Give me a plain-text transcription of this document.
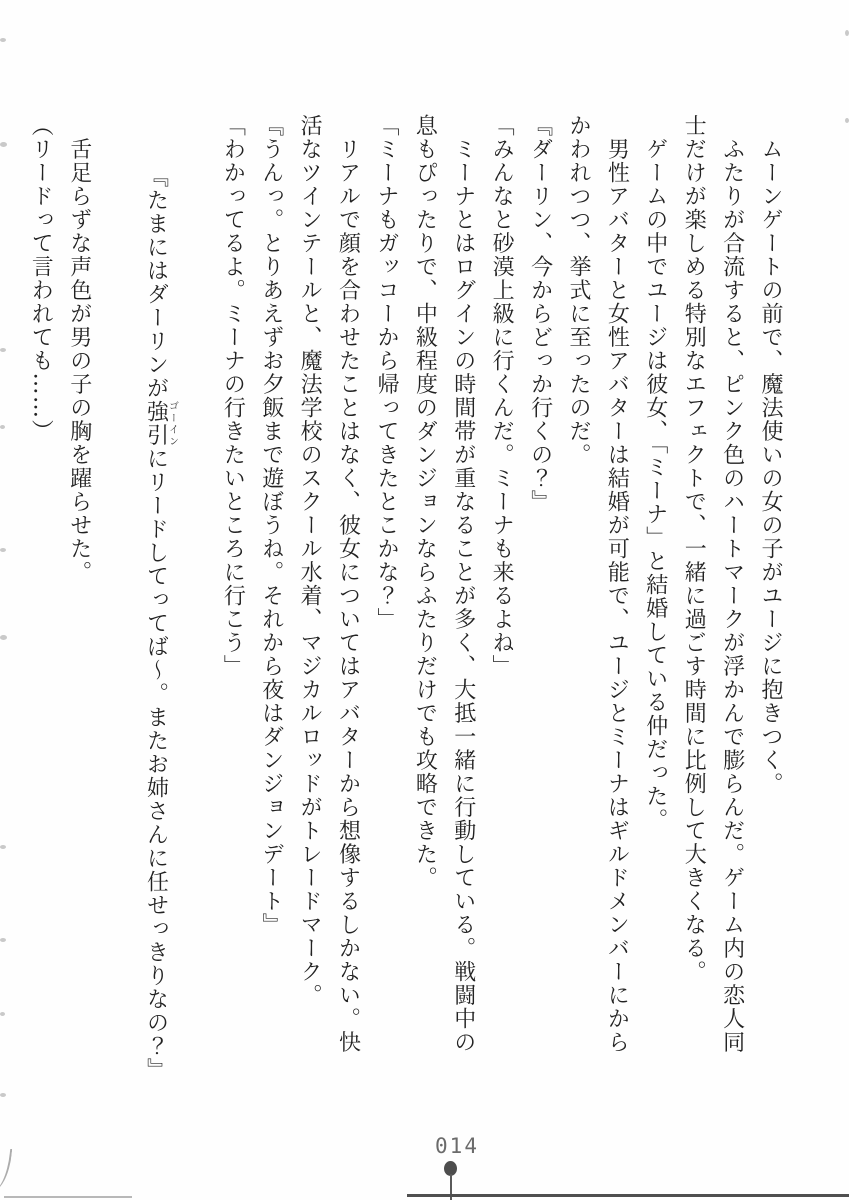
　ムーンゲートの前で、魔法使いの女の子がユージに抱きつく。
　ふたりが合流すると、ピンク色のハートマークが浮かんで膨らんだ。ゲーム内の恋人同
士だけが楽しめる特別なエフェクトで、一緒に過ごす時間に比例して大きくなる。
　ゲームの中でユージは彼女、「ミーナ」と結婚している仲だった。
　男性アバターと女性アバターは結婚が可能で、ユージとミーナはギルドメンバーにから
かわれつつ、挙式に至ったのだ。
『ダーリン、今からどっか行くの？』
「みんなと砂漠上級に行くんだ。ミーナも来るよね」
　ミーナとはログインの時間帯が重なることが多く、大抵一緒に行動している。戦闘中の
息もぴったりで、中級程度のダンジョンならふたりだけでも攻略できた。
「ミーナもガッコーから帰ってきたとこかな？」
　リアルで顔を合わせたことはなく、彼女についてはアバターから想像するしかない。快
活なツインテールと、魔法学校のスクール水着、マジカルロッドがトレードマーク。
『うんっ。とりあえずお夕飯まで遊ぼうね。それから夜はダンジョンデート』
「わかってるよ。ミーナの行きたいところに行こう」

『たまにはダーリンが強引ゴーインにリードしてってば～。またお姉さんに任せっきりなの？』

　舌足らずな声色が男の子の胸を躍らせた。
（リードって言われても……）
014
